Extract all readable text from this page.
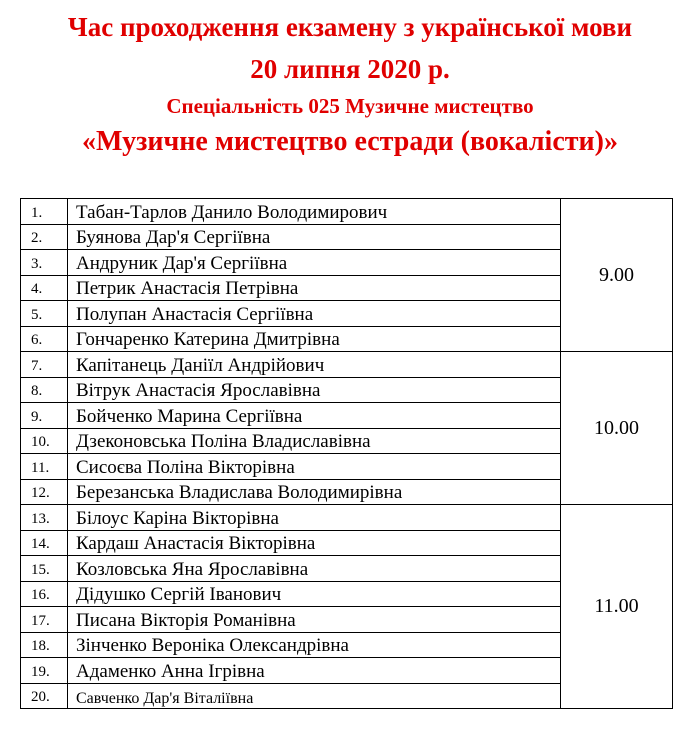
Час проходження екзамену з української мови
20 липня 2020 р.
Спеціальність 025 Музичне мистецтво
«Музичне мистецтво естради (вокалісти)»
1.	Табан-Тарлов Данило Володимирович	9.00
2.	Буянова Дар'я Сергіївна	
3.	Андруник Дар'я Сергіївна	
4.	Петрик Анастасія Петрівна	
5.	Полупан Анастасія Сергіївна	
6.	Гончаренко Катерина Дмитрівна	
7.	Капітанець Даніїл Андрійович	10.00
8.	Вітрук Анастасія Ярославівна	
9.	Бойченко Марина Сергіївна	
10.	Дзеконовська Поліна Владиславівна	
11.	Сисоєва Поліна Вікторівна	
12.	Березанська Владислава Володимирівна	
13.	Білоус Каріна Вікторівна	11.00
14.	Кардаш Анастасія Вікторівна	
15.	Козловська Яна Ярославівна	
16.	Дідушко Сергій Іванович	
17.	Писана Вікторія Романівна	
18.	Зінченко Вероніка Олександрівна	
19.	Адаменко Анна Ігрівна	
20.	Савченко Дар'я Віталіївна	
